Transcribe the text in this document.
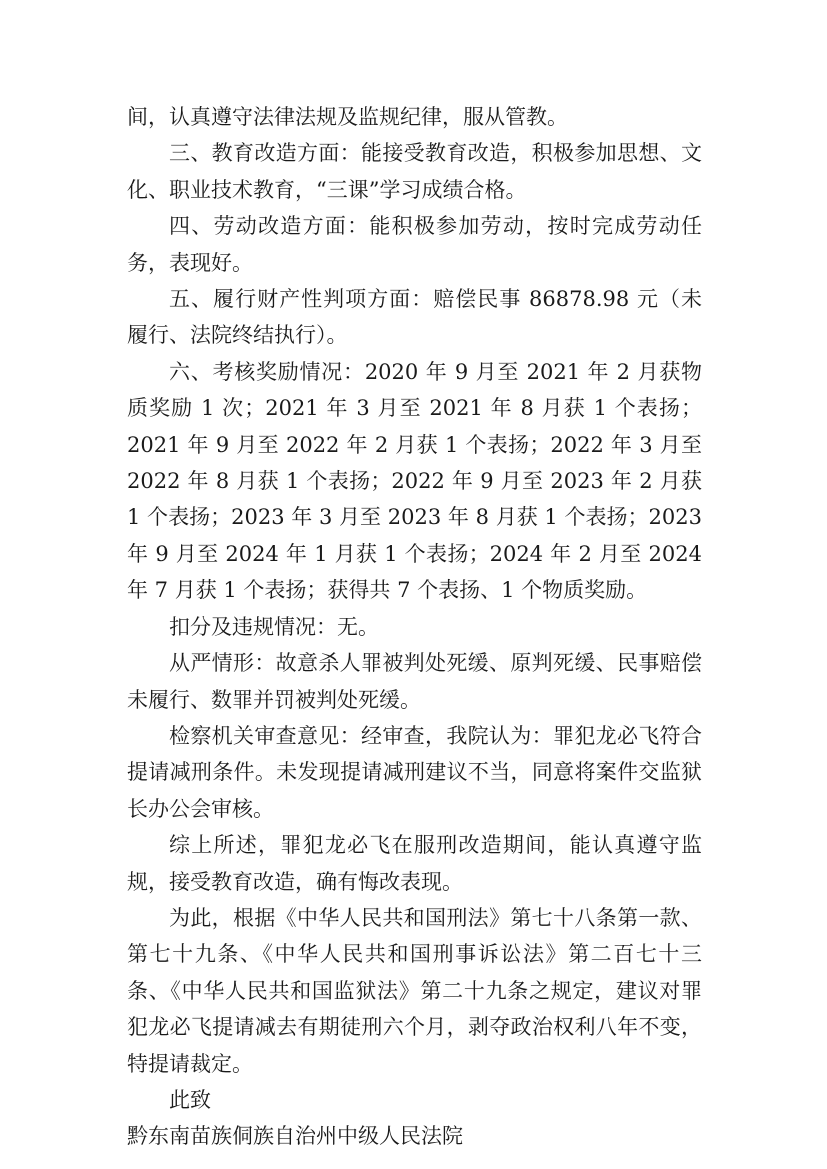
间，认真遵守法律法规及监规纪律，服从管教。

三、教育改造方面：能接受教育改造，积极参加思想、文化、职业技术教育，“三课”学习成绩合格。

四、劳动改造方面：能积极参加劳动，按时完成劳动任务，表现好。

五、履行财产性判项方面：赔偿民事 86878.98 元（未履行、法院终结执行）。

六、考核奖励情况：2020 年 9 月至 2021 年 2 月获物质奖励 1 次；2021 年 3 月至 2021 年 8 月获 1 个表扬；2021 年 9 月至 2022 年 2 月获 1 个表扬；2022 年 3 月至 2022 年 8 月获 1 个表扬；2022 年 9 月至 2023 年 2 月获 1 个表扬；2023 年 3 月至 2023 年 8 月获 1 个表扬；2023 年 9 月至 2024 年 1 月获 1 个表扬；2024 年 2 月至 2024 年 7 月获 1 个表扬；获得共 7 个表扬、1 个物质奖励。

扣分及违规情况：无。

从严情形：故意杀人罪被判处死缓、原判死缓、民事赔偿未履行、数罪并罚被判处死缓。

检察机关审查意见：经审查，我院认为：罪犯龙必飞符合提请减刑条件。未发现提请减刑建议不当，同意将案件交监狱长办公会审核。

综上所述，罪犯龙必飞在服刑改造期间，能认真遵守监规，接受教育改造，确有悔改表现。

为此，根据《中华人民共和国刑法》第七十八条第一款、第七十九条、《中华人民共和国刑事诉讼法》第二百七十三条、《中华人民共和国监狱法》第二十九条之规定，建议对罪犯龙必飞提请减去有期徒刑六个月，剥夺政治权利八年不变，特提请裁定。

此致

黔东南苗族侗族自治州中级人民法院
